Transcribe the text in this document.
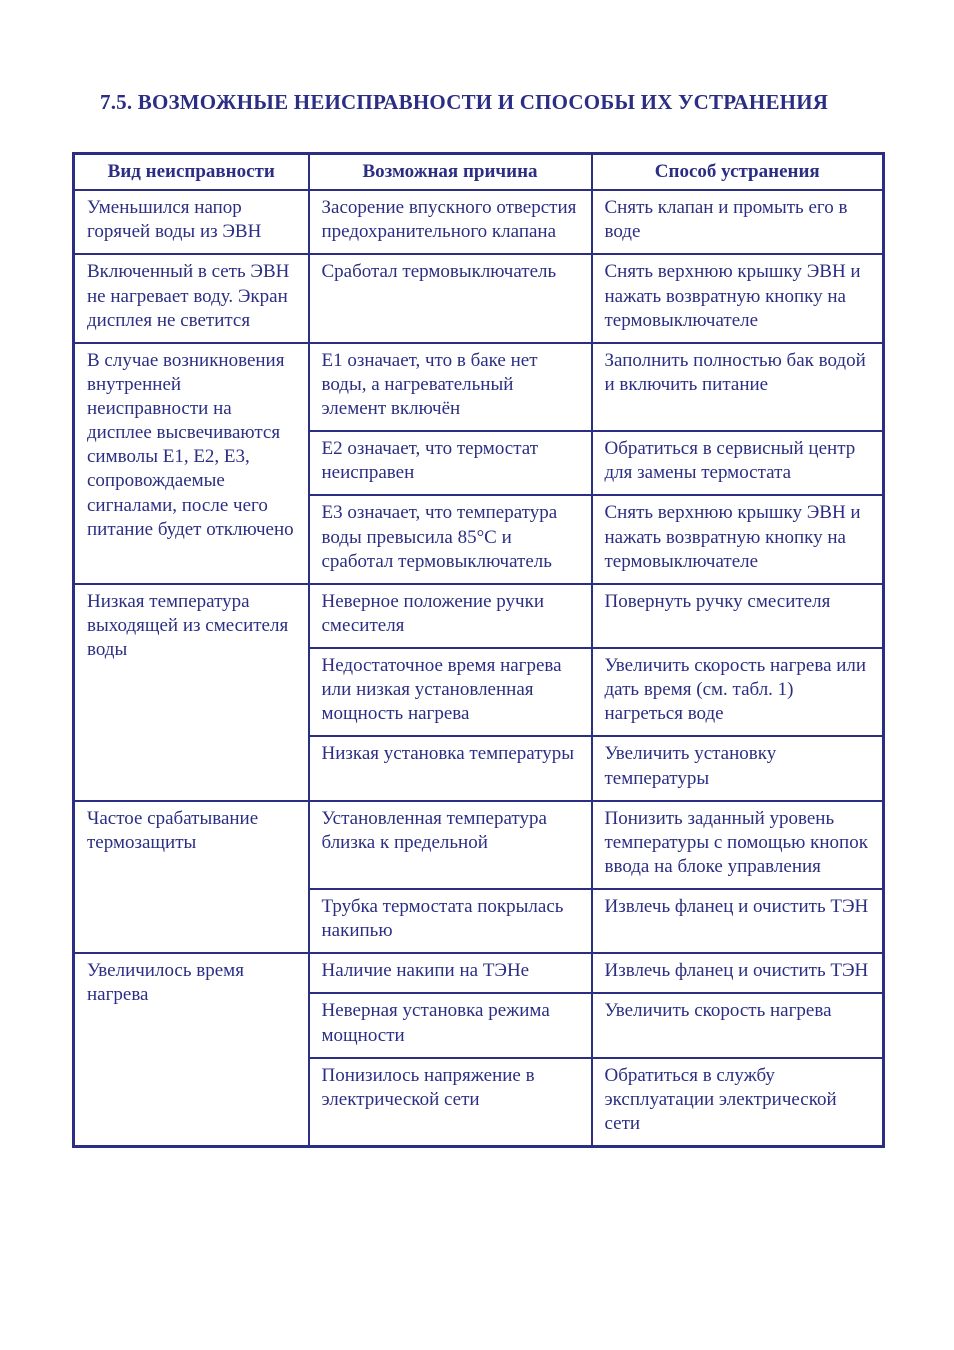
7.5. ВОЗМОЖНЫЕ НЕИСПРАВНОСТИ И СПОСОБЫ ИХ УСТРАНЕНИЯ
Вид неисправности	Возможная причина	Способ устранения
Уменьшился напор горячей воды из ЭВН	Засорение впускного отверстия предохранительного клапана	Снять клапан и промыть его в воде
Включенный в сеть ЭВН не нагревает воду. Экран дисплея не светится	Сработал термовыключатель	Снять верхнюю крышку ЭВН и нажать возвратную кнопку на термовыключателе
В случае возникновения внутренней неисправности на дисплее высвечиваются символы Е1, Е2, Е3, сопровождаемые сигналами, после чего питание будет отключено	Е1 означает, что в баке нет воды, а нагревательный элемент включён	Заполнить полностью бак водой и включить питание
	Е2 означает, что термостат неисправен	Обратиться в сервисный центр для замены термостата
	Е3 означает, что температура воды превысила 85°С и сработал термовыключатель	Снять верхнюю крышку ЭВН и нажать возвратную кнопку на термовыключателе
Низкая температура выходящей из смесителя воды	Неверное положение ручки смесителя	Повернуть ручку смесителя
	Недостаточное время нагрева или низкая установленная мощность нагрева	Увеличить скорость нагрева или дать время (см. табл. 1) нагреться воде
	Низкая установка температуры	Увеличить установку температуры
Частое срабатывание термозащиты	Установленная температура близка к предельной	Понизить заданный уровень температуры с помощью кнопок ввода на блоке управления
	Трубка термостата покрылась накипью	Извлечь фланец и очистить ТЭН
Увеличилось время нагрева	Наличие накипи на ТЭНе	Извлечь фланец и очистить ТЭН
	Неверная установка режима мощности	Увеличить скорость нагрева
	Понизилось напряжение в электрической сети	Обратиться в службу эксплуатации электрической сети
